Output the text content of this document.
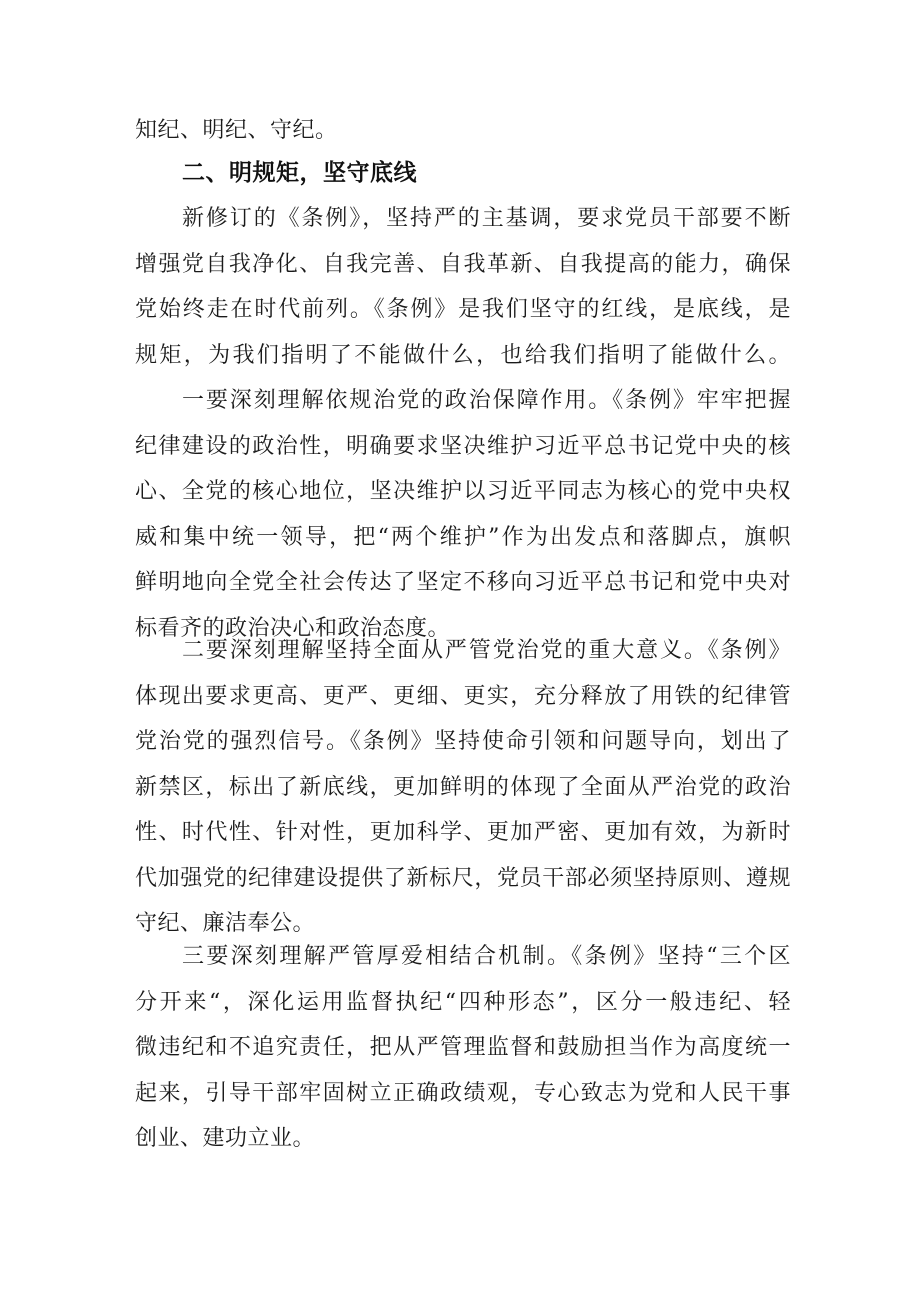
知纪、明纪、守纪。
二、明规矩，坚守底线
新修订的《条例》，坚持严的主基调，要求党员干部要不断
增强党自我净化、自我完善、自我革新、自我提高的能力，确保
党始终走在时代前列。《条例》是我们坚守的红线，是底线，是
规矩，为我们指明了不能做什么，也给我们指明了能做什么。
一要深刻理解依规治党的政治保障作用。《条例》牢牢把握
纪律建设的政治性，明确要求坚决维护习近平总书记党中央的核
心、全党的核心地位，坚决维护以习近平同志为核心的党中央权
威和集中统一领导，把“两个维护”作为出发点和落脚点，旗帜
鲜明地向全党全社会传达了坚定不移向习近平总书记和党中央对
标看齐的政治决心和政治态度。
二要深刻理解坚持全面从严管党治党的重大意义。《条例》
体现出要求更高、更严、更细、更实，充分释放了用铁的纪律管
党治党的强烈信号。《条例》坚持使命引领和问题导向，划出了
新禁区，标出了新底线，更加鲜明的体现了全面从严治党的政治
性、时代性、针对性，更加科学、更加严密、更加有效，为新时
代加强党的纪律建设提供了新标尺，党员干部必须坚持原则、遵规
守纪、廉洁奉公。
三要深刻理解严管厚爱相结合机制。《条例》坚持“三个区
分开来“，深化运用监督执纪“四种形态”，区分一般违纪、轻
微违纪和不追究责任，把从严管理监督和鼓励担当作为高度统一
起来，引导干部牢固树立正确政绩观，专心致志为党和人民干事
创业、建功立业。
